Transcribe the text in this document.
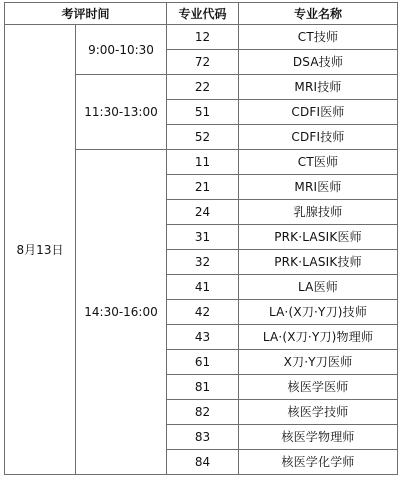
考评时间		专业代码	专业名称
8月13日	9:00-10:30	12	CT技师
		72	DSA技师
	11:30-13:00	22	MRI技师
		51	CDFI医师
		52	CDFI技师
	14:30-16:00	11	CT医师
		21	MRI医师
		24	乳腺技师
		31	PRK·LASIK医师
		32	PRK·LASIK技师
		41	LA医师
		42	LA·(X刀·Y刀)技师
		43	LA·(X刀·Y刀)物理师
		61	X刀·Y刀医师
		81	核医学医师
		82	核医学技师
		83	核医学物理师
		84	核医学化学师
